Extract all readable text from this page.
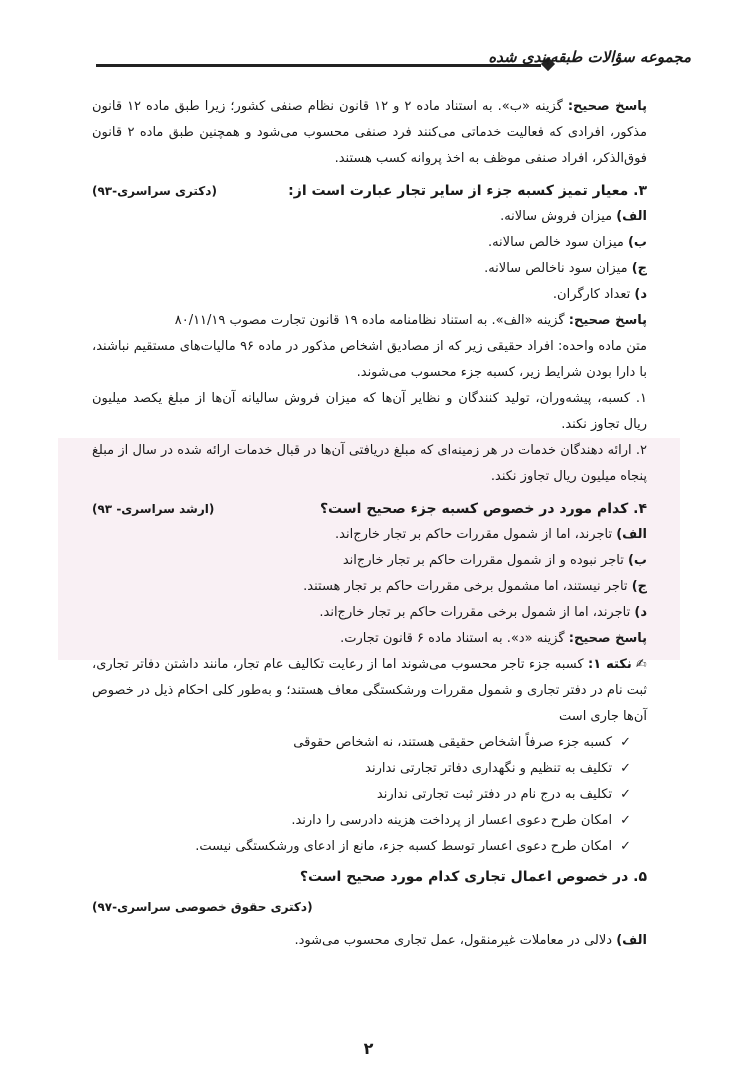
مجموعه سؤالات طبقه‌بندی شده

پاسخ صحیح: گزینه «ب». به استناد ماده ۲ و ۱۲ قانون نظام صنفی کشور؛ زیرا طبق ماده ۱۲ قانون مذکور، افرادی که فعالیت خدماتی می‌کنند فرد صنفی محسوب می‌شود و همچنین طبق ماده ۲ قانون فوق‌الذکر، افراد صنفی موظف به اخذ پروانه کسب هستند.

۳. معیار تمیز کسبه جزء از سایر تجار عبارت است از:
(دکتری سراسری-۹۳)

الف) میزان فروش سالانه.

ب) میزان سود خالص سالانه.

ج) میزان سود ناخالص سالانه.

د) تعداد کارگران.

پاسخ صحیح: گزینه «الف». به استناد نظامنامه ماده ۱۹ قانون تجارت مصوب ۸۰/۱۱/۱۹

متن ماده واحده: افراد حقیقی زیر که از مصادیق اشخاص مذکور در ماده ۹۶ مالیات‌های مستقیم نباشند، با دارا بودن شرایط زیر، کسبه جزء محسوب می‌شوند.

۱. کسبه، پیشه‌وران، تولید کنندگان و نظایر آن‌ها که میزان فروش سالیانه آن‌ها از مبلغ یکصد میلیون ریال تجاوز نکند.

۲. ارائه دهندگان خدمات در هر زمینه‌ای که مبلغ دریافتی آن‌ها در قبال خدمات ارائه شده در سال از مبلغ پنجاه میلیون ریال تجاوز نکند.

۴. کدام مورد در خصوص کسبه جزء صحیح است؟
(ارشد سراسری- ۹۳)

الف) تاجرند، اما از شمول مقررات حاکم بر تجار خارج‌اند.

ب) تاجر نبوده و از شمول مقررات حاکم بر تجار خارج‌اند

ج) تاجر نیستند، اما مشمول برخی مقررات حاکم بر تجار هستند.

د) تاجرند، اما از شمول برخی مقررات حاکم بر تجار خارج‌اند.

پاسخ صحیح: گزینه «د». به استناد ماده ۶ قانون تجارت.

✍نکته ۱: کسبه جزء تاجر محسوب می‌شوند اما از رعایت تکالیف عام تجار، مانند داشتن دفاتر تجاری، ثبت نام در دفتر تجاری و شمول مقررات ورشکستگی معاف هستند؛ و به‌طور کلی احکام ذیل در خصوص آن‌ها جاری است

✓
کسبه جزء صرفاً اشخاص حقیقی هستند، نه اشخاص حقوقی
✓
تکلیف به تنظیم و نگهداری دفاتر تجارتی ندارند
✓
تکلیف به درج نام در دفتر ثبت تجارتی ندارند
✓
امکان طرح دعوی اعسار از پرداخت هزینه دادرسی را دارند.
✓
امکان طرح دعوی اعسار توسط کسبه جزء، مانع از ادعای ورشکستگی نیست.

۵. در خصوص اعمال تجاری کدام مورد صحیح است؟

(دکتری حقوق خصوصی سراسری-۹۷)

الف) دلالی در معاملات غیرمنقول، عمل تجاری محسوب می‌شود.

۲
